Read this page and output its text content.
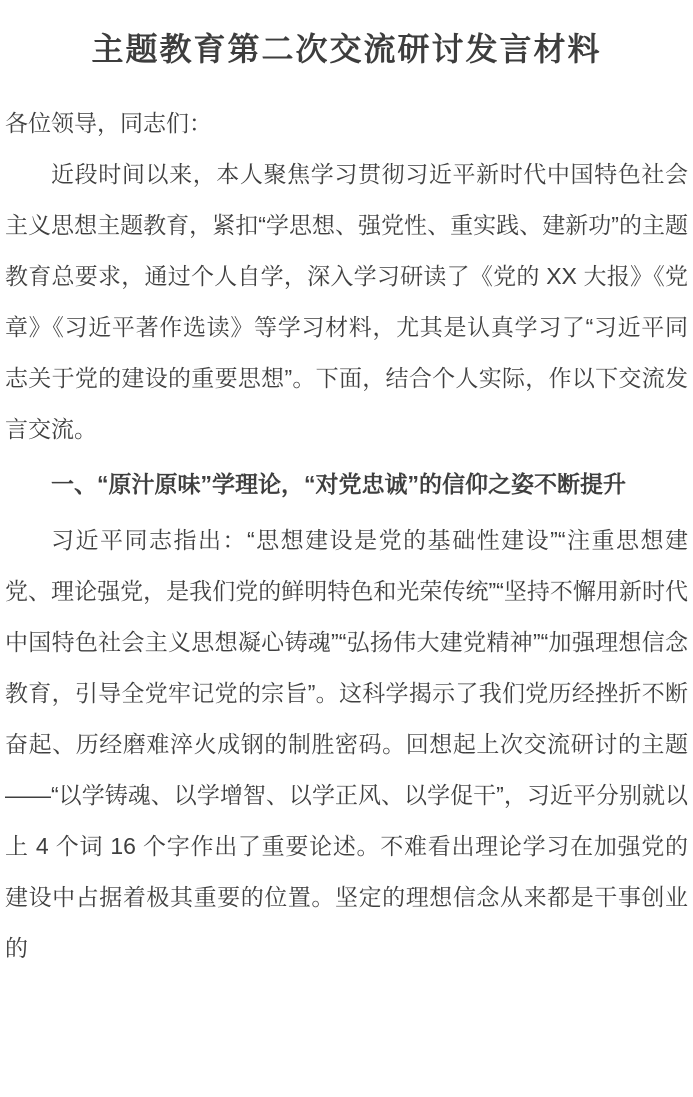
主题教育第二次交流研讨发言材料

各位领导，同志们：

近段时间以来，本人聚焦学习贯彻习近平新时代中国特色社会主义思想主题教育，紧扣“学思想、强党性、重实践、建新功”的主题教育总要求，通过个人自学，深入学习研读了《党的 XX 大报》《党章》《习近平著作选读》等学习材料，尤其是认真学习了“习近平同志关于党的建设的重要思想”。下面，结合个人实际，作以下交流发言交流。

一、“原汁原味”学理论，“对党忠诚”的信仰之姿不断提升

习近平同志指出：“思想建设是党的基础性建设”“注重思想建党、理论强党，是我们党的鲜明特色和光荣传统”“坚持不懈用新时代中国特色社会主义思想凝心铸魂”“弘扬伟大建党精神”“加强理想信念教育，引导全党牢记党的宗旨”。这科学揭示了我们党历经挫折不断奋起、历经磨难淬火成钢的制胜密码。回想起上次交流研讨的主题——“以学铸魂、以学增智、以学正风、以学促干”，习近平分别就以上 4 个词 16 个字作出了重要论述。不难看出理论学习在加强党的建设中占据着极其重要的位置。坚定的理想信念从来都是干事创业的
